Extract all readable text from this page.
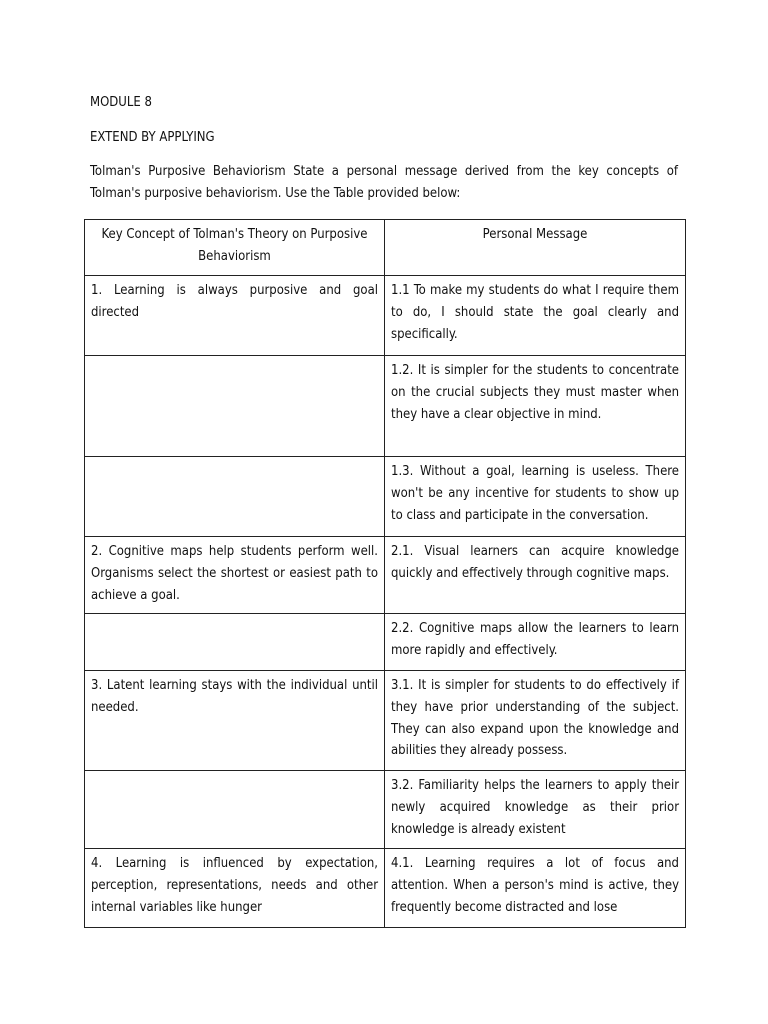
MODULE 8

EXTEND BY APPLYING

Tolman's Purposive Behaviorism State a personal message derived from the key concepts of Tolman's purposive behaviorism. Use the Table provided below:

Key Concept of Tolman's Theory on Purposive Behaviorism	Personal Message
1. Learning is always purposive and goal directed	1.1 To make my students do what I require them to do, I should state the goal clearly and specifically.
	1.2. It is simpler for the students to concentrate on the crucial subjects they must master when they have a clear objective in mind.
	1.3. Without a goal, learning is useless. There won't be any incentive for students to show up to class and participate in the conversation.
2. Cognitive maps help students perform well. Organisms select the shortest or easiest path to achieve a goal.	2.1. Visual learners can acquire knowledge quickly and effectively through cognitive maps.
	2.2. Cognitive maps allow the learners to learn more rapidly and effectively.
3. Latent learning stays with the individual until needed.	3.1. It is simpler for students to do effectively if they have prior understanding of the subject. They can also expand upon the knowledge and abilities they already possess.
	3.2. Familiarity helps the learners to apply their newly acquired knowledge as their prior knowledge is already existent
4. Learning is influenced by expectation, perception, representations, needs and other internal variables like hunger	4.1. Learning requires a lot of focus and attention. When a person's mind is active, they frequently become distracted and lose
